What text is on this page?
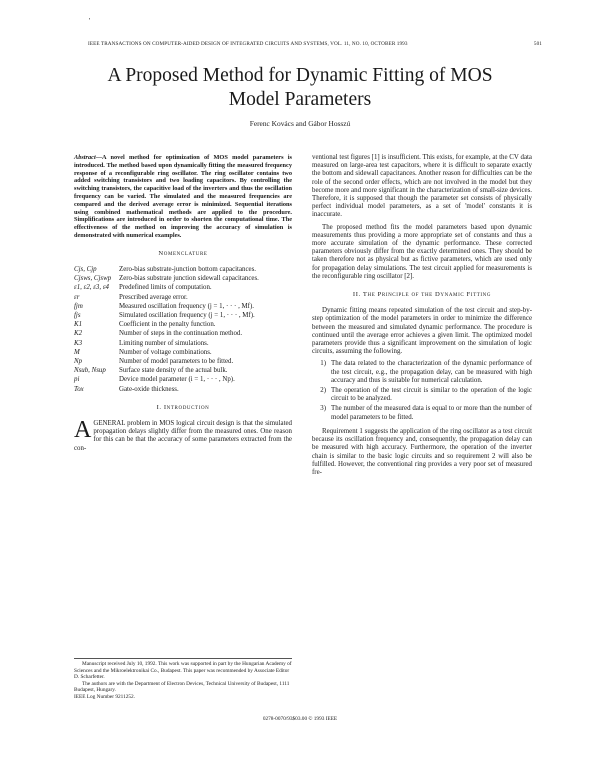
'
IEEE TRANSACTIONS ON COMPUTER-AIDED DESIGN OF INTEGRATED CIRCUITS AND SYSTEMS, VOL. 11, NO. 10, OCTOBER 1993	501
A Proposed Method for Dynamic Fitting of MOS
Model Parameters
Ferenc Kovács and Gábor Hosszú
Abstract—A novel method for optimization of MOS model parameters is introduced. The method based upon dynamically fitting the measured frequency response of a reconfigurable ring oscillator. The ring oscillator contains two added switching transistors and two loading capacitors. By controlling the switching transistors, the capacitive load of the inverters and thus the oscillation frequency can be varied. The simulated and the measured frequencies are compared and the derived average error is minimized. Sequential iterations using combined mathematical methods are applied to the procedure. Simplifications are introduced in order to shorten the computational time. The effectiveness of the method on improving the accuracy of simulation is demonstrated with numerical examples.
Nomenclature
Cjs, Cjp	Zero-bias substrate-junction bottom capacitances.
Cjsws, Cjswp	Zero-bias substrate junction sidewall capacitances.
ε1, ε2, ε3, ε4	Predefined limits of computation.
εr	Prescribed average error.
fjm	Measured oscillation frequency (j = 1, · · · , Mf).
fjs	Simulated oscillation frequency (j = 1, · · · , Mf).
K1	Coefficient in the penalty function.
K2	Number of steps in the continuation method.
K3	Limiting number of simulations.
M	Number of voltage combinations.
Np	Number of model parameters to be fitted.
Nsub, Nsup	Surface state density of the actual bulk.
pi	Device model parameter (i = 1, · · · , Np).
Tox	Gate-oxide thickness.
I. Introduction

AGENERAL problem in MOS logical circuit design is that the simulated propagation delays slightly differ from the measured ones. One reason for this can be that the accuracy of some parameters extracted from the con-

Manuscript received July 10, 1992. This work was supported in part by the Hungarian Academy of Sciences and the Mikroelektronikai Co., Budapest. This paper was recommended by Associate Editor D. Scharfetter.
The authors are with the Department of Electron Devices, Technical University of Budapest, 1111 Budapest, Hungary.
IEEE Log Number 9211252.

ventional test figures [1] is insufficient. This exists, for example, at the CV data measured on large-area test capacitors, where it is difficult to separate exactly the bottom and sidewall capacitances. Another reason for difficulties can be the role of the second order effects, which are not involved in the model but they become more and more significant in the characterization of small-size devices. Therefore, it is supposed that though the parameter set consists of physically perfect individual model parameters, as a set of 'model' constants it is inaccurate.

The proposed method fits the model parameters based upon dynamic measurements thus providing a more appropriate set of constants and thus a more accurate simulation of the dynamic performance. These corrected parameters obviously differ from the exactly determined ones. They should be taken therefore not as physical but as fictive parameters, which are used only for propagation delay simulations. The test circuit applied for measurements is the reconfigurable ring oscillator [2].

II. The Principle of the Dynamic Fitting

Dynamic fitting means repeated simulation of the test circuit and step-by-step optimization of the model parameters in order to minimize the difference between the measured and simulated dynamic performance. The procedure is continued until the average error achieves a given limit. The optimized model parameters provide thus a significant improvement on the simulation of logic circuits, assuming the following.

1) The data related to the characterization of the dynamic performance of the test circuit, e.g., the propagation delay, can be measured with high accuracy and thus is suitable for numerical calculation.
2) The operation of the test circuit is similar to the operation of the logic circuit to be analyzed.
3) The number of the measured data is equal to or more than the number of model parameters to be fitted.

Requirement 1 suggests the application of the ring oscillator as a test circuit because its oscillation frequency and, consequently, the propagation delay can be measured with high accuracy. Furthermore, the operation of the inverter chain is similar to the basic logic circuits and so requirement 2 will also be fulfilled. However, the conventional ring provides a very poor set of measured fre-

0278-0070/93$03.00 © 1993 IEEE
